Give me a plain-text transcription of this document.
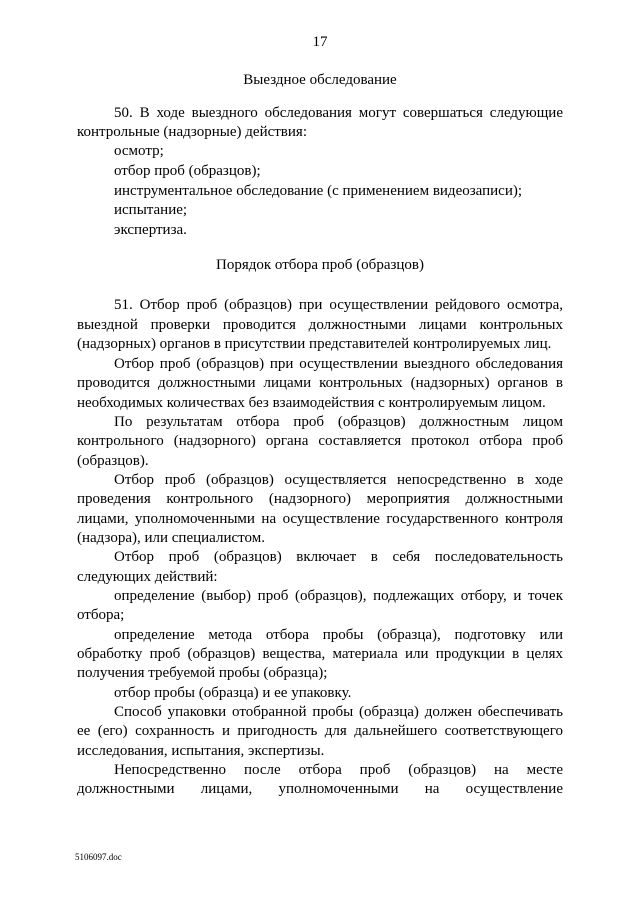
17
Выездное обследование
50. В ходе выездного обследования могут совершаться следующие
контрольные (надзорные) действия:
осмотр;
отбор проб (образцов);
инструментальное обследование (с применением видеозаписи);
испытание;
экспертиза.
Порядок отбора проб (образцов)
51. Отбор проб (образцов) при осуществлении рейдового осмотра,
выездной проверки проводится должностными лицами контрольных
(надзорных) органов в присутствии представителей контролируемых лиц.
Отбор проб (образцов) при осуществлении выездного обследования
проводится должностными лицами контрольных (надзорных) органов в
необходимых количествах без взаимодействия с контролируемым лицом.
По результатам отбора проб (образцов) должностным лицом
контрольного (надзорного) органа составляется протокол отбора проб
(образцов).
Отбор проб (образцов) осуществляется непосредственно в ходе
проведения контрольного (надзорного) мероприятия должностными
лицами, уполномоченными на осуществление государственного контроля
(надзора), или специалистом.
Отбор проб (образцов) включает в себя последовательность
следующих действий:
определение (выбор) проб (образцов), подлежащих отбору, и точек
отбора;
определение метода отбора пробы (образца), подготовку или
обработку проб (образцов) вещества, материала или продукции в целях
получения требуемой пробы (образца);
отбор пробы (образца) и ее упаковку.
Способ упаковки отобранной пробы (образца) должен обеспечивать
ее (его) сохранность и пригодность для дальнейшего соответствующего
исследования, испытания, экспертизы.
Непосредственно после отбора проб (образцов) на месте
должностными лицами, уполномоченными на осуществление
5106097.doc
